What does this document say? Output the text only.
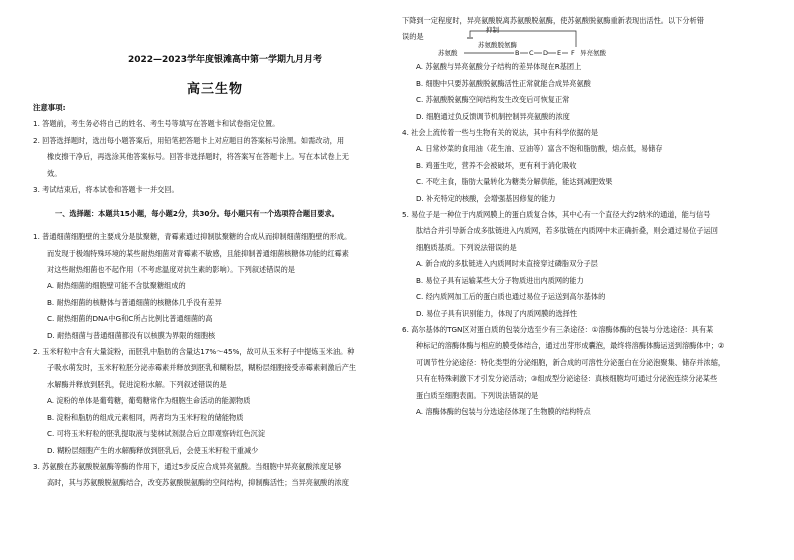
2022—2023学年度银滩高中第一学期九月月考
高三生物
注意事项:

1. 答题前，考生务必将自己的姓名、考生号等填写在答题卡和试卷指定位置。

2. 回答选择题时，选出每小题答案后，用铅笔把答题卡上对应题目的答案标号涂黑。如需改动，用

橡皮擦干净后，再选涂其他答案标号。回答非选择题时，将答案写在答题卡上。写在本试卷上无

效。

3. 考试结束后，将本试卷和答题卡一并交回。

一、选择题：本题共15小题，每小题2分，共30分。每小题只有一个选项符合题目要求。

1. 普通细菌细胞壁的主要成分是肽聚糖，青霉素通过抑制肽聚糖的合成从而抑制细菌细胞壁的形成。

而发现于极端特殊环境的某些耐热细菌对青霉素不敏感，且能抑制普通细菌核糖体功能的红霉素

对这些耐热细菌也不起作用（不考虑温度对抗生素的影响）。下列叙述错误的是

A. 耐热细菌的细胞壁可能不含肽聚糖组成的

B. 耐热细菌的核糖体与普通细菌的核糖体几乎没有差异

C. 耐热细菌的DNA中G和C所占比例比普通细菌的高

D. 耐热细菌与普通细菌都没有以核膜为界限的细胞核

2. 玉米籽粒中含有大量淀粉，而胚乳中脂肪的含量达17%～45%，故可从玉米籽子中提炼玉米油。种

子吸水萌发时，玉米籽粒胚分泌赤霉素并释放到胚乳和糊粉层，糊粉层细胞接受赤霉素刺激后产生

水解酶并释放到胚乳，促进淀粉水解。下列叙述错误的是

A. 淀粉的单体是葡萄糖，葡萄糖常作为细胞生命活动的能源物质

B. 淀粉和脂肪的组成元素相同，两者均为玉米籽粒的储能物质

C. 可将玉米籽粒的胚乳提取液与斐林试剂混合后立即观察砖红色沉淀

D. 糊粉层细胞产生的水解酶释放到胚乳后，会使玉米籽粒干重减少

3. 苏氨酸在苏氨酸脱氨酶等酶的作用下，通过5步反应合成异亮氨酸。当细胞中异亮氨酸浓度足够

高时，其与苏氨酸脱氨酶结合，改变苏氨酸脱氨酶的空间结构，抑制酶活性；当异亮氨酸的浓度

下降到一定程度时，异亮氨酸脱离苏氨酸脱氨酶，使苏氨酸脱氨酶重新表现出活性。以下分析错

误的是

抑制
苏氨酸脱氨酶
苏氨酸	B C D E F 异亮氨酸

A. 苏氨酸与异亮氨酸分子结构的差异体现在R基团上

B. 细胞中只要苏氨酸脱氨酶活性正常就能合成异亮氨酸

C. 苏氨酸脱氨酶空间结构发生改变后可恢复正常

D. 细胞通过负反馈调节机制控制异亮氨酸的浓度

4. 社会上流传着一些与生物有关的说法，其中有科学依据的是

A. 日常炒菜的食用油（花生油、豆油等）富含不饱和脂肪酸，熔点低，易储存

B. 鸡蛋生吃，营养不会被破坏，更有利于消化吸收

C. 不吃主食，脂肪大量转化为糖类分解供能，能达到减肥效果

D. 补充特定的核酸，会增强基因修复的能力

5. 易位子是一种位于内质网膜上的蛋白质复合体，其中心有一个直径大约2纳米的通道，能与信号

肽结合并引导新合成多肽链进入内质网，若多肽链在内质网中未正确折叠，则会通过易位子运回

细胞质基质。下列说法错误的是

A. 新合成的多肽链进入内质网时未直接穿过磷脂双分子层

B. 易位子具有运输某些大分子物质进出内质网的能力

C. 经内质网加工后的蛋白质也通过易位子运送到高尔基体的

D. 易位子具有识别能力，体现了内质网膜的选择性

6. 高尔基体的TGN区对蛋白质的包装分选至少有三条途径：①溶酶体酶的包装与分选途径：具有某

种标记的溶酶体酶与相应的膜受体结合，通过出芽形成囊泡，最终将溶酶体酶运送到溶酶体中；②

可调节性分泌途径：特化类型的分泌细胞，新合成的可溶性分泌蛋白在分泌泡聚集、储存并浓缩，

只有在特殊刺激下才引发分泌活动；③组成型分泌途径：真核细胞均可通过分泌泡连续分泌某些

蛋白质至细胞表面。下列说法错误的是

A. 溶酶体酶的包装与分选途径体现了生物膜的结构特点
